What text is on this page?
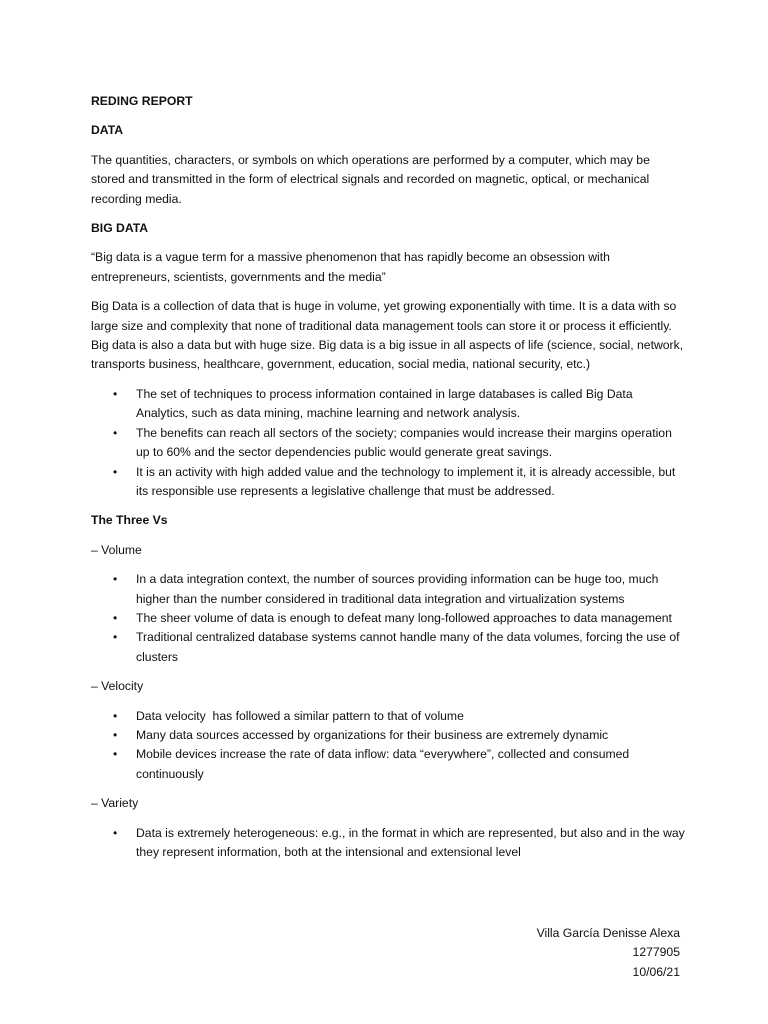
REDING REPORT

DATA

The quantities, characters, or symbols on which operations are performed by a computer, which may be stored and transmitted in the form of electrical signals and recorded on magnetic, optical, or mechanical recording media.

BIG DATA

“Big data is a vague term for a massive phenomenon that has rapidly become an obsession with entrepreneurs, scientists, governments and the media”

Big Data is a collection of data that is huge in volume, yet growing exponentially with time. It is a data with so large size and complexity that none of traditional data management tools can store it or process it efficiently. Big data is also a data but with huge size. Big data is a big issue in all aspects of life (science, social, network, transports business, healthcare, government, education, social media, national security, etc.)

• The set of techniques to process information contained in large databases is called Big Data Analytics, such as data mining, machine learning and network analysis.
• The benefits can reach all sectors of the society; companies would increase their margins operation up to 60% and the sector dependencies public would generate great savings.
• It is an activity with high added value and the technology to implement it, it is already accessible, but its responsible use represents a legislative challenge that must be addressed.

The Three Vs

– Volume

• In a data integration context, the number of sources providing information can be huge too, much higher than the number considered in traditional data integration and virtualization systems
• The sheer volume of data is enough to defeat many long-followed approaches to data management
• Traditional centralized database systems cannot handle many of the data volumes, forcing the use of clusters

– Velocity

• Data velocity  has followed a similar pattern to that of volume
• Many data sources accessed by organizations for their business are extremely dynamic
• Mobile devices increase the rate of data inflow: data “everywhere”, collected and consumed continuously

– Variety

• Data is extremely heterogeneous: e.g., in the format in which are represented, but also and in the way they represent information, both at the intensional and extensional level
Villa García Denisse Alexa
1277905
10/06/21
